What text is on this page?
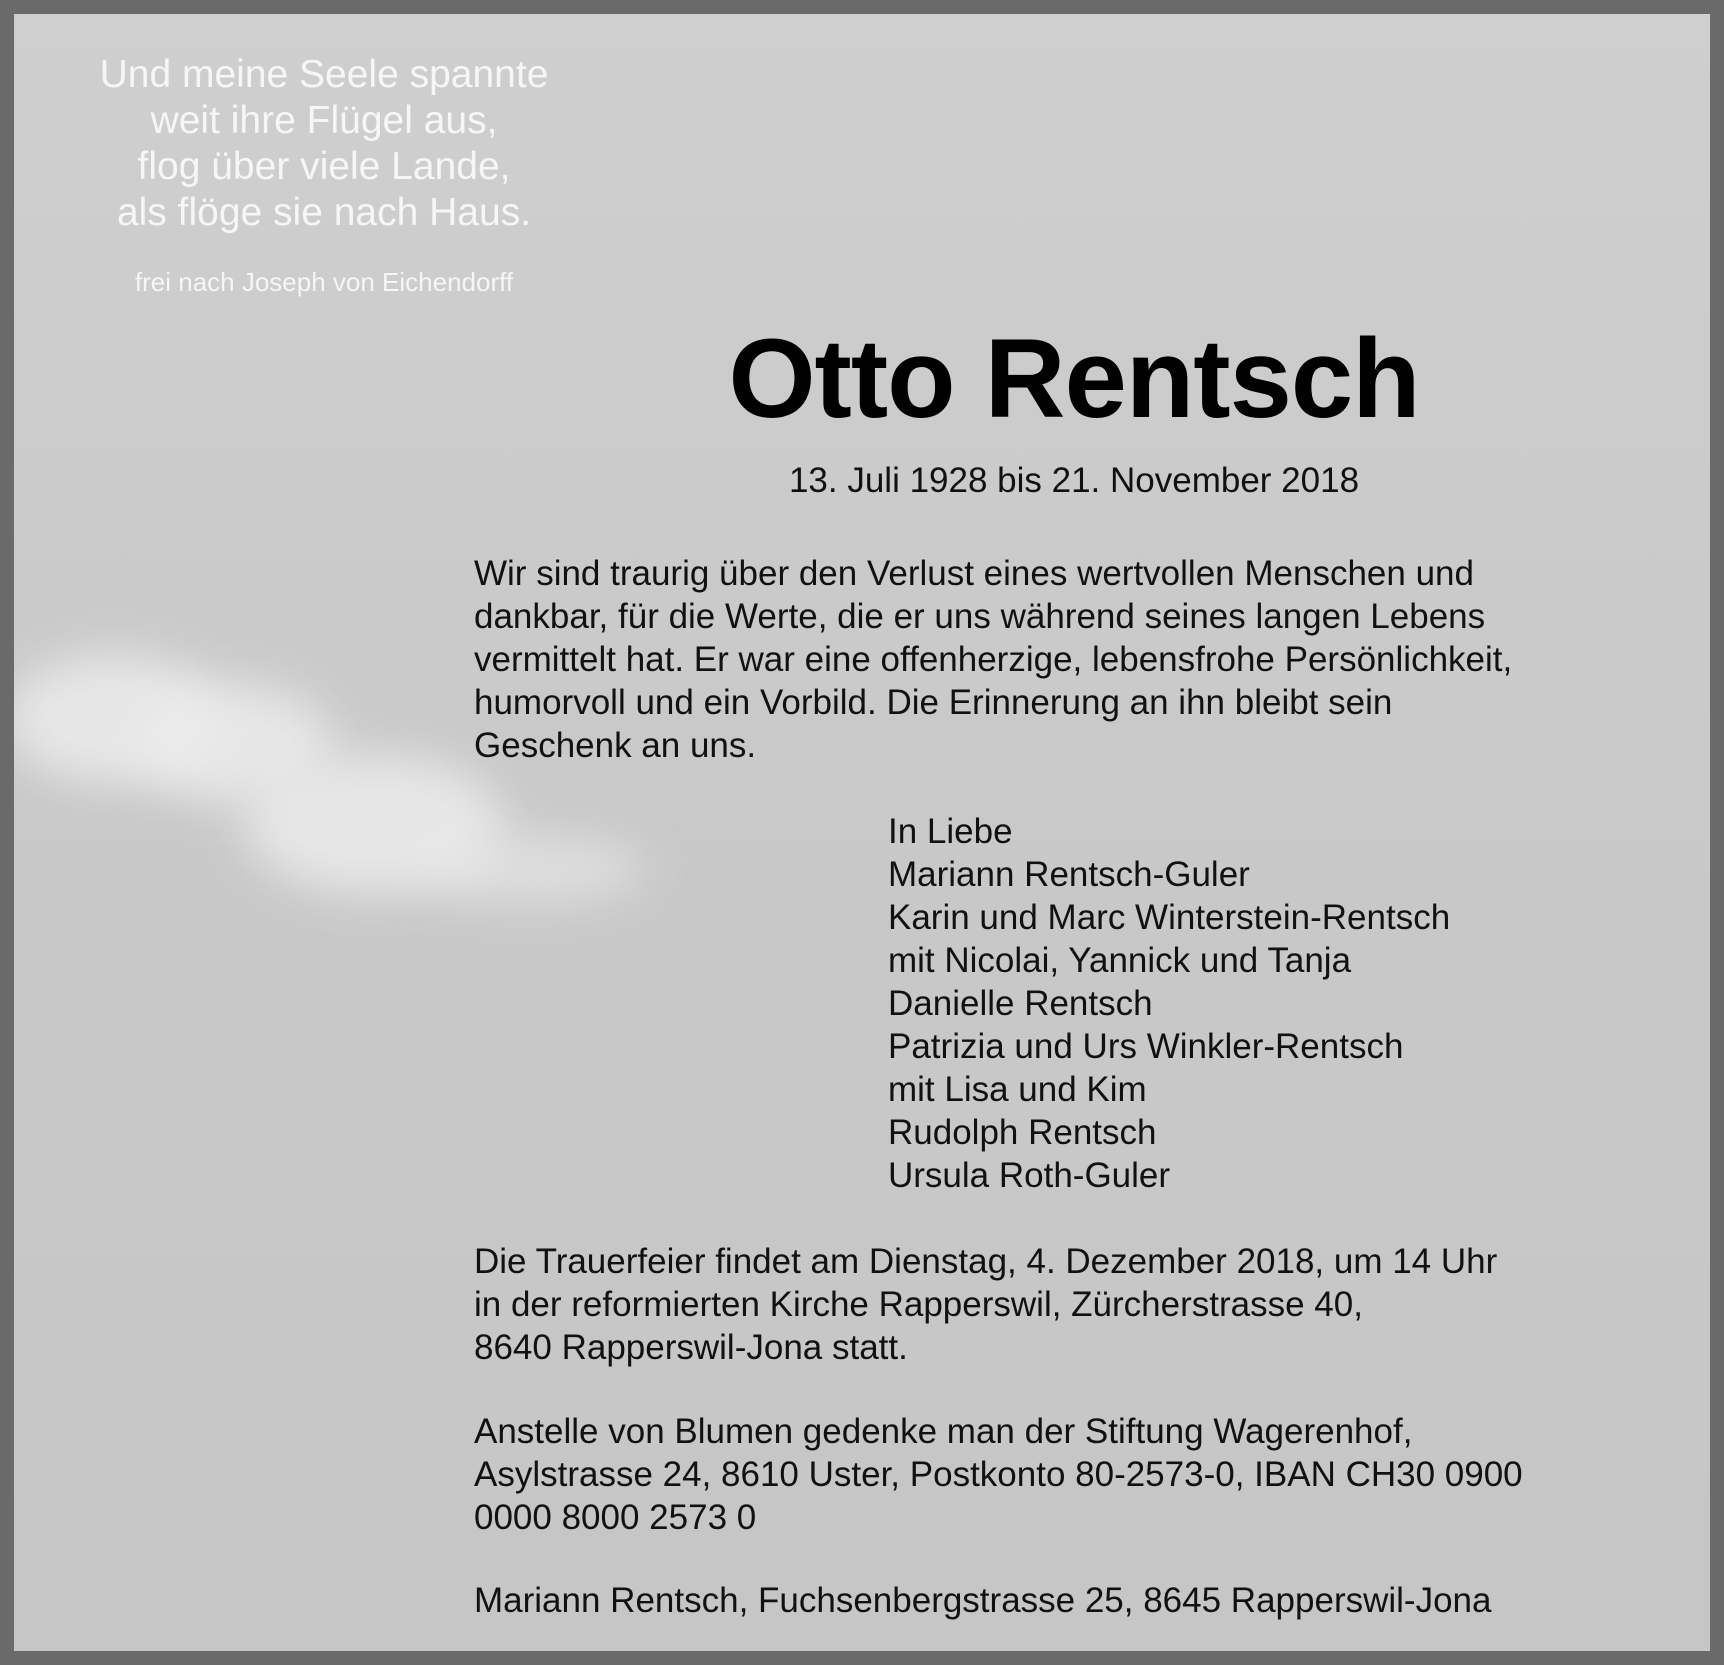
Und meine Seele spannte
weit ihre Flügel aus,
flog über viele Lande,
als flöge sie nach Haus.
frei nach Joseph von Eichendorff
Otto Rentsch
13. Juli 1928 bis 21. November 2018
Wir sind traurig über den Verlust eines wertvollen Menschen und
dankbar, für die Werte, die er uns während seines langen Lebens
vermittelt hat. Er war eine offenherzige, lebensfrohe Persönlichkeit,
humorvoll und ein Vorbild. Die Erinnerung an ihn bleibt sein
Geschenk an uns.
In Liebe
Mariann Rentsch-Guler
Karin und Marc Winterstein-Rentsch
mit Nicolai, Yannick und Tanja
Danielle Rentsch
Patrizia und Urs Winkler-Rentsch
mit Lisa und Kim
Rudolph Rentsch
Ursula Roth-Guler
Die Trauerfeier findet am Dienstag, 4. Dezember 2018, um 14 Uhr
in der reformierten Kirche Rapperswil, Zürcherstrasse 40,
8640 Rapperswil-Jona statt.
Anstelle von Blumen gedenke man der Stiftung Wagerenhof,
Asylstrasse 24, 8610 Uster, Postkonto 80-2573-0, IBAN CH30 0900
0000 8000 2573 0
Mariann Rentsch, Fuchsenbergstrasse 25, 8645 Rapperswil-Jona
